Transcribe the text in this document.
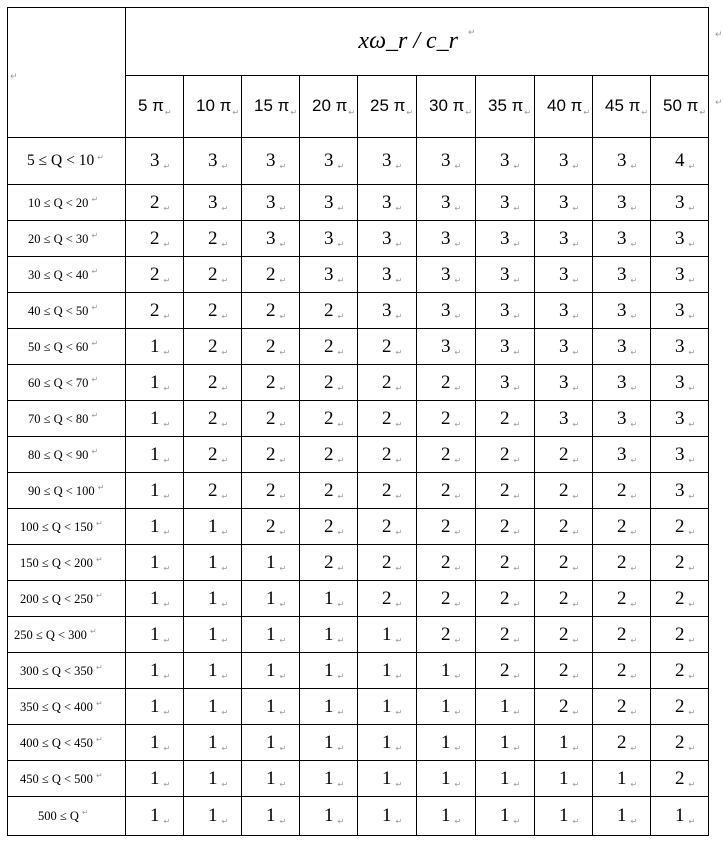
↵	xω_r / c_r ↵
	5 $\pi_↵$	10 $\pi_↵$	15 $\pi_↵$	20 $\pi_↵$	25 $\pi_↵$	30 $\pi_↵$	35 $\pi_↵$	40 $\pi_↵$	45 $\pi_↵$	50 $\pi_↵$
5 ≤ Q < 10 ↵	3 ↵	3 ↵	3 ↵	3 ↵	3 ↵	3 ↵	3 ↵	3 ↵	3 ↵	4 ↵
10 ≤ Q < 20 ↵	2 ↵	3 ↵	3 ↵	3 ↵	3 ↵	3 ↵	3 ↵	3 ↵	3 ↵	3 ↵
20 ≤ Q < 30 ↵	2 ↵	2 ↵	3 ↵	3 ↵	3 ↵	3 ↵	3 ↵	3 ↵	3 ↵	3 ↵
30 ≤ Q < 40 ↵	2 ↵	2 ↵	2 ↵	3 ↵	3 ↵	3 ↵	3 ↵	3 ↵	3 ↵	3 ↵
40 ≤ Q < 50 ↵	2 ↵	2 ↵	2 ↵	2 ↵	3 ↵	3 ↵	3 ↵	3 ↵	3 ↵	3 ↵
50 ≤ Q < 60 ↵	1 ↵	2 ↵	2 ↵	2 ↵	2 ↵	3 ↵	3 ↵	3 ↵	3 ↵	3 ↵
60 ≤ Q < 70 ↵	1 ↵	2 ↵	2 ↵	2 ↵	2 ↵	2 ↵	3 ↵	3 ↵	3 ↵	3 ↵
70 ≤ Q < 80 ↵	1 ↵	2 ↵	2 ↵	2 ↵	2 ↵	2 ↵	2 ↵	3 ↵	3 ↵	3 ↵
80 ≤ Q < 90 ↵	1 ↵	2 ↵	2 ↵	2 ↵	2 ↵	2 ↵	2 ↵	2 ↵	3 ↵	3 ↵
90 ≤ Q < 100 ↵	1 ↵	2 ↵	2 ↵	2 ↵	2 ↵	2 ↵	2 ↵	2 ↵	2 ↵	3 ↵
100 ≤ Q < 150 ↵	1 ↵	1 ↵	2 ↵	2 ↵	2 ↵	2 ↵	2 ↵	2 ↵	2 ↵	2 ↵
150 ≤ Q < 200 ↵	1 ↵	1 ↵	1 ↵	2 ↵	2 ↵	2 ↵	2 ↵	2 ↵	2 ↵	2 ↵
200 ≤ Q < 250 ↵	1 ↵	1 ↵	1 ↵	1 ↵	2 ↵	2 ↵	2 ↵	2 ↵	2 ↵	2 ↵
250 ≤ Q < 300 ↵	1 ↵	1 ↵	1 ↵	1 ↵	1 ↵	2 ↵	2 ↵	2 ↵	2 ↵	2 ↵
300 ≤ Q < 350 ↵	1 ↵	1 ↵	1 ↵	1 ↵	1 ↵	1 ↵	2 ↵	2 ↵	2 ↵	2 ↵
350 ≤ Q < 400 ↵	1 ↵	1 ↵	1 ↵	1 ↵	1 ↵	1 ↵	1 ↵	2 ↵	2 ↵	2 ↵
400 ≤ Q < 450 ↵	1 ↵	1 ↵	1 ↵	1 ↵	1 ↵	1 ↵	1 ↵	1 ↵	2 ↵	2 ↵
450 ≤ Q < 500 ↵	1 ↵	1 ↵	1 ↵	1 ↵	1 ↵	1 ↵	1 ↵	1 ↵	1 ↵	2 ↵
500 ≤ Q ↵	1 ↵	1 ↵	1 ↵	1 ↵	1 ↵	1 ↵	1 ↵	1 ↵	1 ↵	1 ↵
↵
↵
